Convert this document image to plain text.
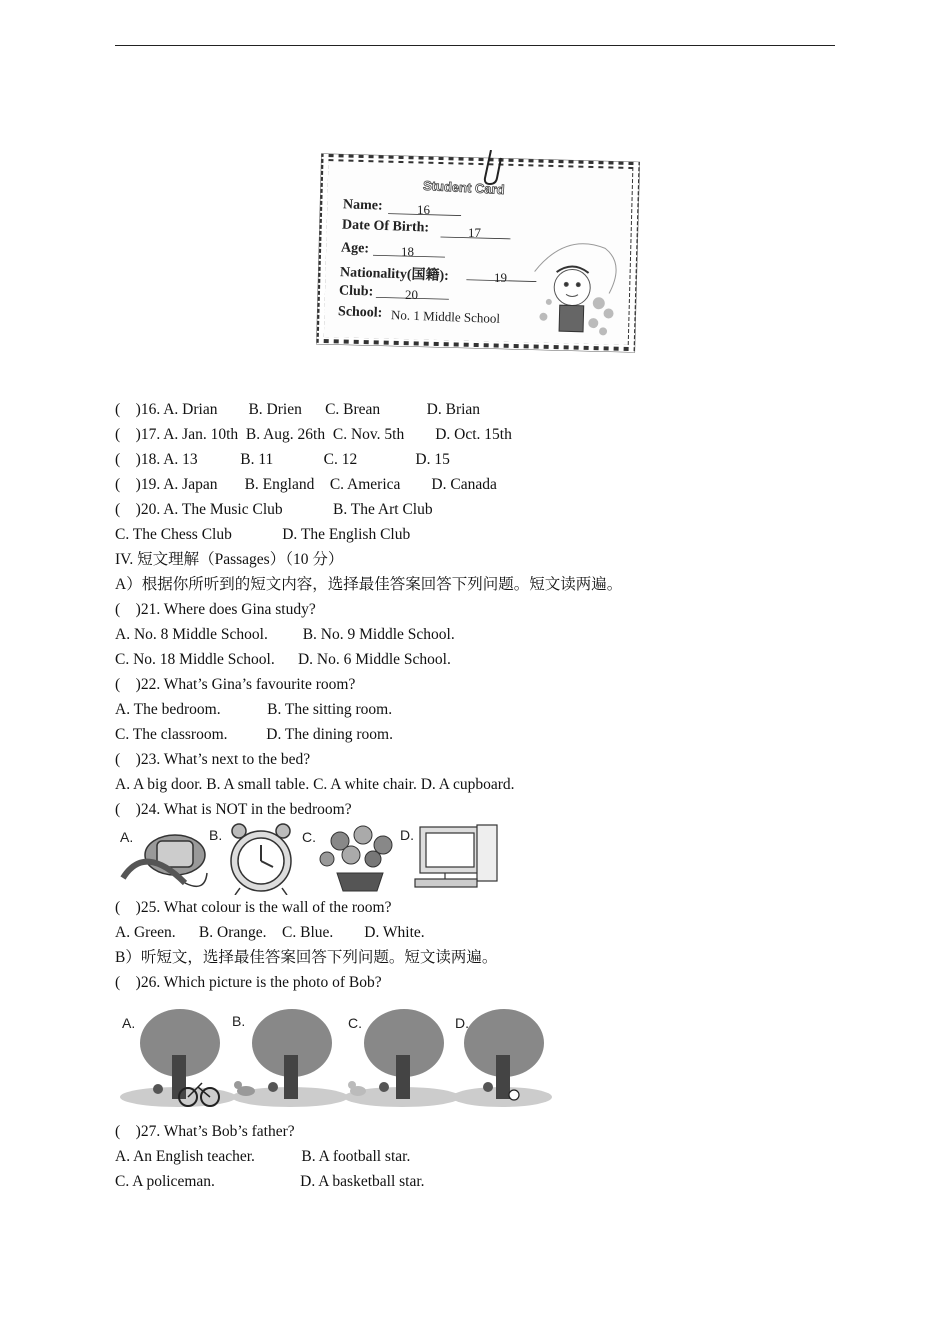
Student Card
Name:	16
Date Of Birth:	17
Age: 18
Nationality(国籍):	19
Club: 20
School: No. 1 Middle School
(    )16. A. Drian        B. Drien      C. Brean            D. Brian
(    )17. A. Jan. 10th  B. Aug. 26th  C. Nov. 5th        D. Oct. 15th
(    )18. A. 13           B. 11             C. 12               D. 15
(    )19. A. Japan       B. England    C. America        D. Canada
(    )20. A. The Music Club             B. The Art Club
C. The Chess Club             D. The English Club
IV. 短文理解（Passages）（10 分）
A）根据你所听到的短文内容，选择最佳答案回答下列问题。短文读两遍。
(    )21. Where does Gina study?
A. No. 8 Middle School.         B. No. 9 Middle School.
C. No. 18 Middle School.      D. No. 6 Middle School.
(    )22. What’s Gina’s favourite room?
A. The bedroom.            B. The sitting room.
C. The classroom.          D. The dining room.
(    )23. What’s next to the bed?
A. A big door. B. A small table. C. A white chair. D. A cupboard.
(    )24. What is NOT in the bedroom?
A.	B.	C.	D.
(    )25. What colour is the wall of the room?
A. Green.      B. Orange.    C. Blue.        D. White.
B）听短文，选择最佳答案回答下列问题。短文读两遍。
(    )26. Which picture is the photo of Bob?
A.	B.	C.	D.
(    )27. What’s Bob’s father?
A. An English teacher.            B. A football star.
C. A policeman.                      D. A basketball star.
